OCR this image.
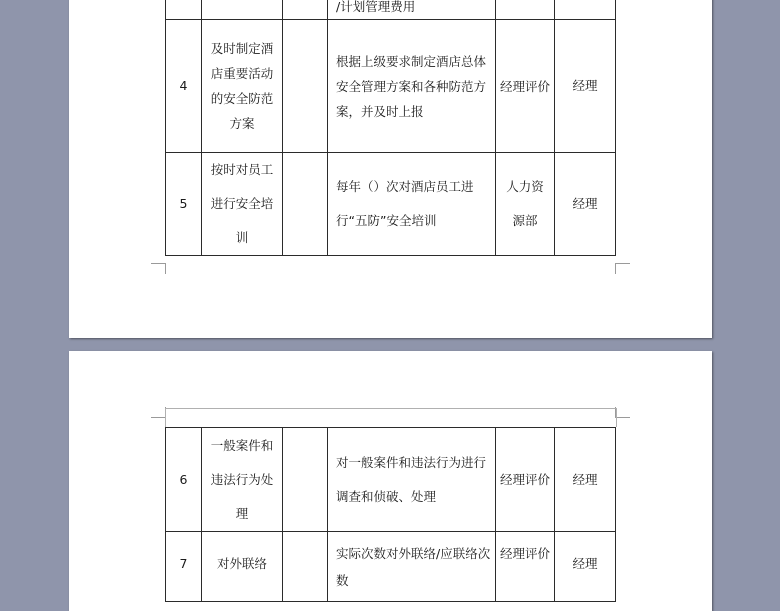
			/计划管理费用		
4	及时制定酒店重要活动的安全防范方案		根据上级要求制定酒店总体安全管理方案和各种防范方案，并及时上报	经理评价	经理
5	按时对员工进行安全培训		每年（）次对酒店员工进行“五防”安全培训	人力资源部	经理
6	一般案件和违法行为处理		对一般案件和违法行为进行调查和侦破、处理	经理评价	经理
7	对外联络		实际次数对外联络/应联络次数	经理评价	经理
